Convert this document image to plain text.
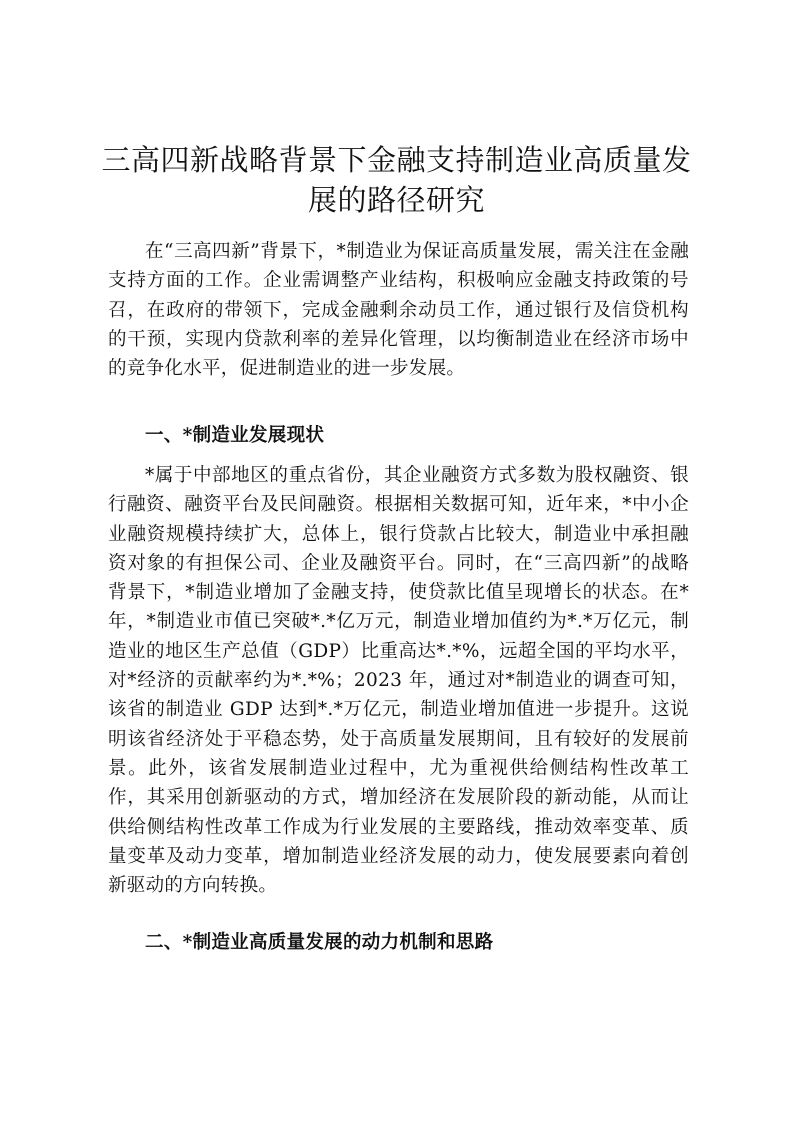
三高四新战略背景下金融支持制造业高质量发展的路径研究

在“三高四新”背景下，*制造业为保证高质量发展，需关注在金融支持方面的工作。企业需调整产业结构，积极响应金融支持政策的号召，在政府的带领下，完成金融剩余动员工作，通过银行及信贷机构的干预，实现内贷款利率的差异化管理，以均衡制造业在经济市场中的竞争化水平，促进制造业的进一步发展。

一、*制造业发展现状

*属于中部地区的重点省份，其企业融资方式多数为股权融资、银行融资、融资平台及民间融资。根据相关数据可知，近年来，*中小企业融资规模持续扩大，总体上，银行贷款占比较大，制造业中承担融资对象的有担保公司、企业及融资平台。同时，在“三高四新”的战略背景下，*制造业增加了金融支持，使贷款比值呈现增长的状态。在*年，*制造业市值已突破*.*亿万元，制造业增加值约为*.*万亿元，制造业的地区生产总值（GDP）比重高达*.*%，远超全国的平均水平，对*经济的贡献率约为*.*%；2023 年，通过对*制造业的调查可知，该省的制造业 GDP 达到*.*万亿元，制造业增加值进一步提升。这说明该省经济处于平稳态势，处于高质量发展期间，且有较好的发展前景。此外，该省发展制造业过程中，尤为重视供给侧结构性改革工作，其采用创新驱动的方式，增加经济在发展阶段的新动能，从而让供给侧结构性改革工作成为行业发展的主要路线，推动效率变革、质量变革及动力变革，增加制造业经济发展的动力，使发展要素向着创新驱动的方向转换。

二、*制造业高质量发展的动力机制和思路
